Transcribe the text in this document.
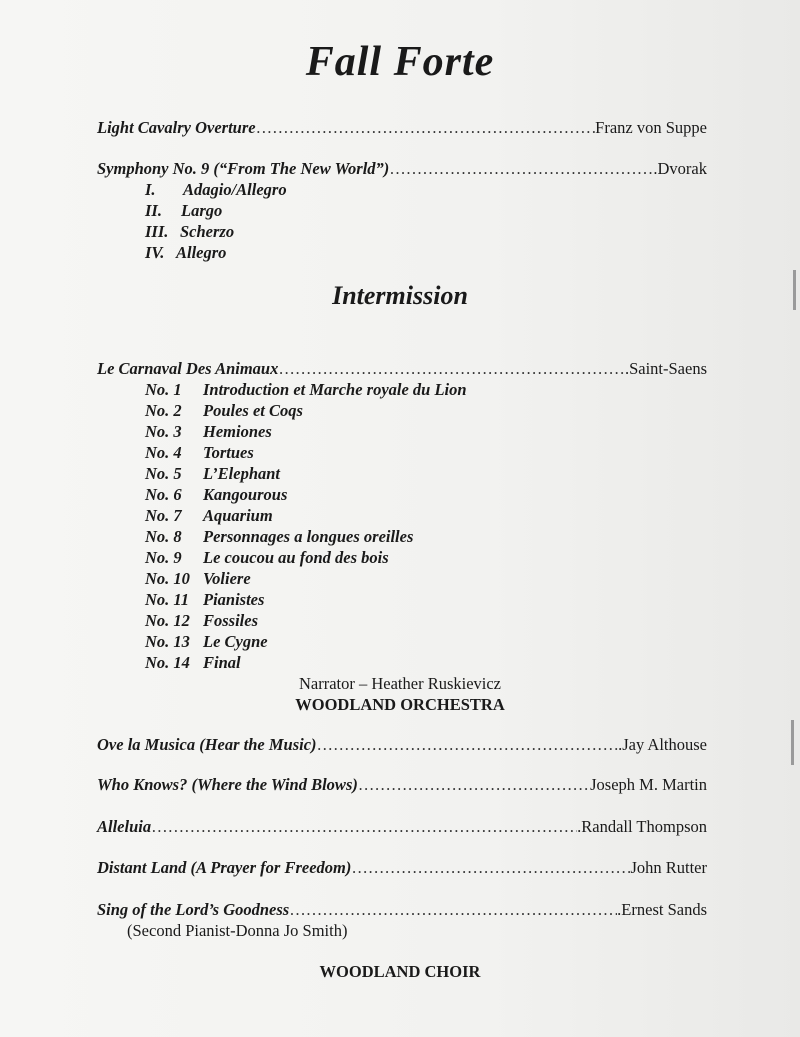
Fall Forte
Light Cavalry Overture ……………………………………………………………………………………………………………………………………………	Franz von Suppe
Symphony No. 9 (“From The New World”) ……………………………………………………………………………………………………………………………………………	.Dvorak
I. Adagio/Allegro
II. Largo
III. Scherzo
IV. Allegro
Intermission
Le Carnaval Des Animaux ……………………………………………………………………………………………………………………………………………	.Saint-Saens
No. 1 Introduction et Marche royale du Lion
No. 2 Poules et Coqs
No. 3 Hemiones
No. 4 Tortues
No. 5 L’Elephant
No. 6 Kangourous
No. 7 Aquarium
No. 8 Personnages a longues oreilles
No. 9 Le coucou au fond des bois
No. 10 Voliere
No. 11 Pianistes
No. 12 Fossiles
No. 13 Le Cygne
No. 14 Final
Narrator – Heather Ruskievicz
WOODLAND ORCHESTRA
Ove la Musica (Hear the Music) ……………………………………………………………………………………………………………………………………………	.Jay Althouse
Who Knows? (Where the Wind Blows) ……………………………………………………………………………………………………………………………………………	Joseph M. Martin
Alleluia ……………………………………………………………………………………………………………………………………………	.Randall Thompson
Distant Land (A Prayer for Freedom) ……………………………………………………………………………………………………………………………………………	John Rutter
Sing of the Lord’s Goodness ……………………………………………………………………………………………………………………………………………	.Ernest Sands
(Second Pianist-Donna Jo Smith)
WOODLAND CHOIR
